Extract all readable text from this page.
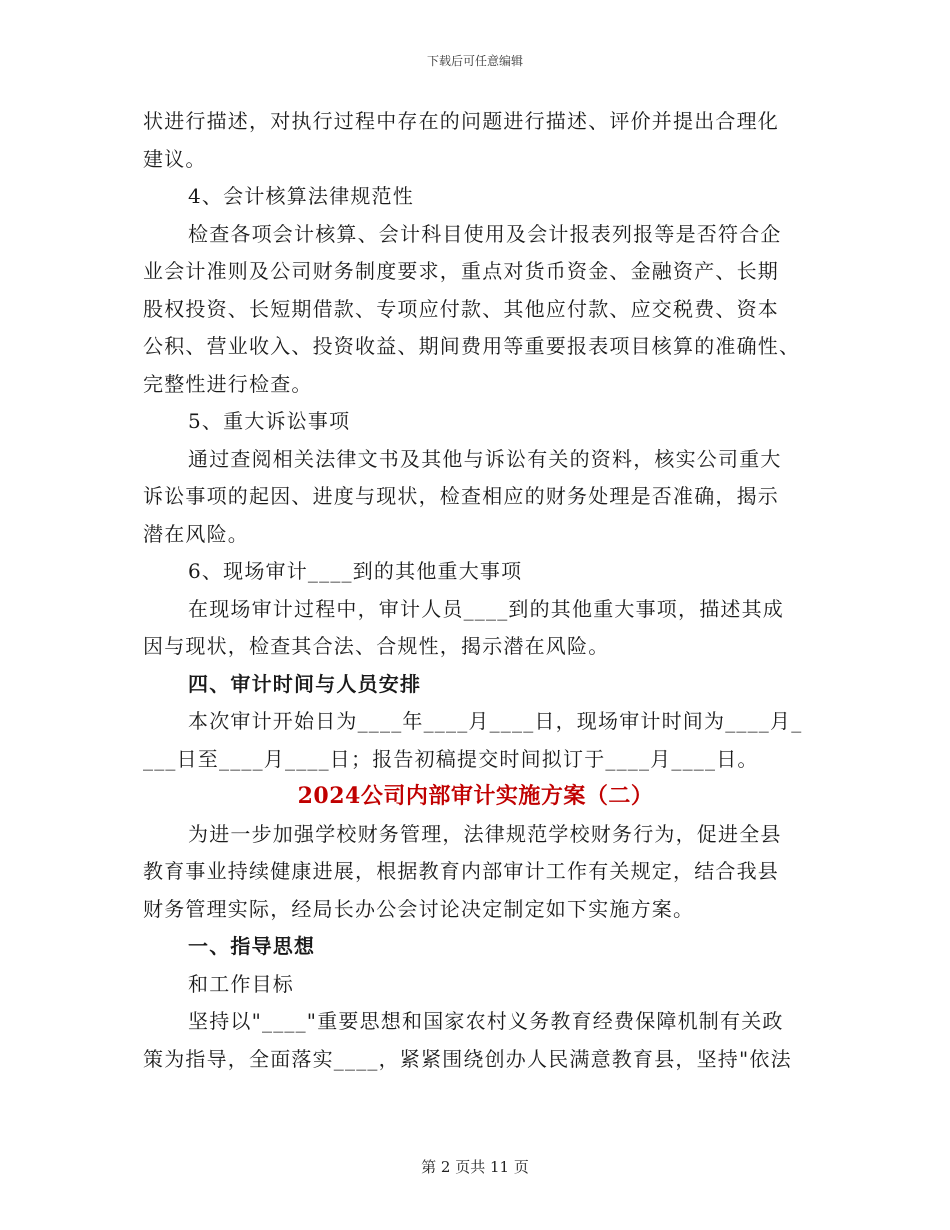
下载后可任意编辑
状进行描述，对执行过程中存在的问题进行描述、评价并提出合理化
建议。
4、会计核算法律规范性
检查各项会计核算、会计科目使用及会计报表列报等是否符合企
业会计准则及公司财务制度要求，重点对货币资金、金融资产、长期
股权投资、长短期借款、专项应付款、其他应付款、应交税费、资本
公积、营业收入、投资收益、期间费用等重要报表项目核算的准确性、
完整性进行检查。
5、重大诉讼事项
通过查阅相关法律文书及其他与诉讼有关的资料，核实公司重大
诉讼事项的起因、进度与现状，检查相应的财务处理是否准确，揭示
潜在风险。
6、现场审计____到的其他重大事项
在现场审计过程中，审计人员____到的其他重大事项，描述其成
因与现状，检查其合法、合规性，揭示潜在风险。
四、审计时间与人员安排
本次审计开始日为____年____月____日，现场审计时间为____月_
___日至____月____日；报告初稿提交时间拟订于____月____日。
2024公司内部审计实施方案（二）
为进一步加强学校财务管理，法律规范学校财务行为，促进全县
教育事业持续健康进展，根据教育内部审计工作有关规定，结合我县
财务管理实际，经局长办公会讨论决定制定如下实施方案。
一、指导思想
和工作目标
坚持以"____"重要思想和国家农村义务教育经费保障机制有关政
策为指导，全面落实____，紧紧围绕创办人民满意教育县，坚持"依法
第 2 页共 11 页
